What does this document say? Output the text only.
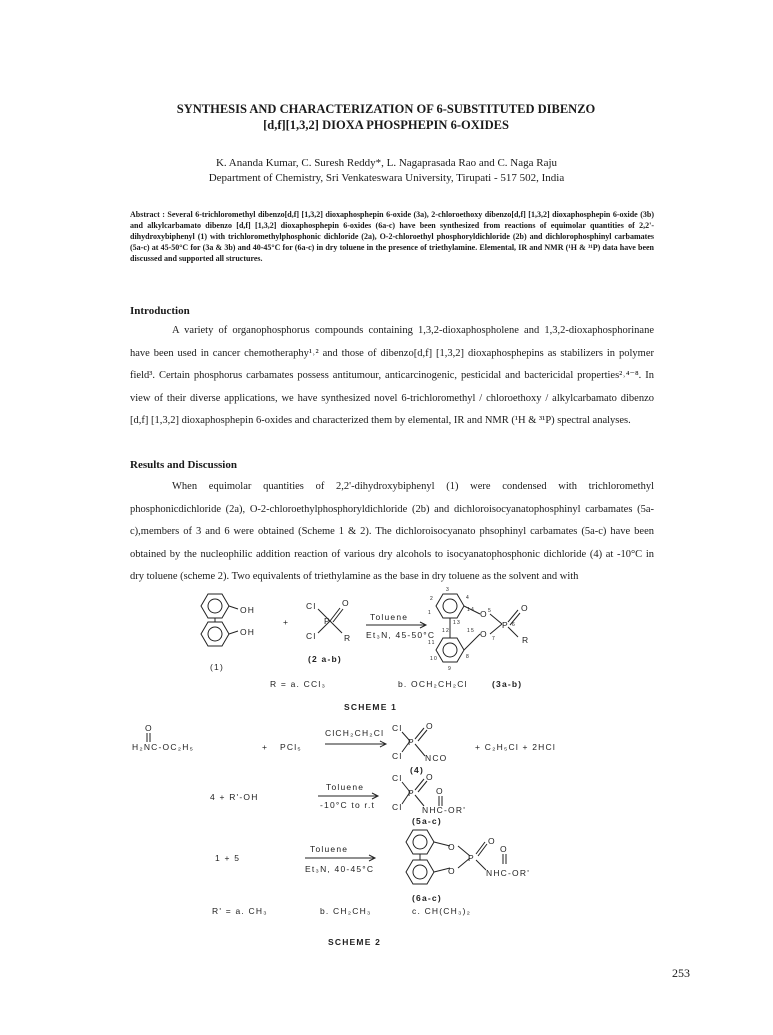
SYNTHESIS AND CHARACTERIZATION OF 6-SUBSTITUTED DIBENZO
[d,f][1,3,2] DIOXA PHOSPHEPIN 6-OXIDES
K. Ananda Kumar, C. Suresh Reddy*, L. Nagaprasada Rao and C. Naga Raju
Department of Chemistry, Sri Venkateswara University, Tirupati - 517 502, India
Abstract : Several 6-trichloromethyl dibenzo[d,f] [1,3,2] dioxaphosphepin 6-oxide (3a), 2-chloroethoxy dibenzo[d,f] [1,3,2] dioxaphosphepin 6-oxide (3b) and alkylcarbamato dibenzo [d,f] [1,3,2] dioxaphosphepin 6-oxides (6a-c) have been synthesized from reactions of equimolar quantities of 2,2'-dihydroxybiphenyl (1) with trichloromethylphosphonic dichloride (2a), O-2-chloroethyl phosphoryldichloride (2b) and dichlorophosphinyl carbamates (5a-c) at 45-50°C for (3a & 3b) and 40-45°C for (6a-c) in dry toluene in the presence of triethylamine. Elemental, IR and NMR (¹H & ³¹P) data have been discussed and supported all structures.
Introduction

A variety of organophosphorus compounds containing 1,3,2-dioxaphospholene and 1,3,2-dioxaphosphorinane have been used in cancer chemotheraphy¹˒² and those of dibenzo[d,f] [1,3,2] dioxaphosphepins as stabilizers in polymer field³. Certain phosphorus carbamates possess antitumour, anticarcinogenic, pesticidal and bactericidal properties²˒⁴⁻⁸. In view of their diverse applications, we have synthesized novel 6-trichloromethyl / chloroethoxy / alkylcarbamato dibenzo [d,f] [1,3,2] dioxaphosphepin 6-oxides and characterized them by elemental, IR and NMR (¹H & ³¹P) spectral analyses.

Results and Discussion

When equimolar quantities of 2,2'-dihydroxybiphenyl (1) were condensed with trichloromethyl phosphonicdichloride (2a), O-2-chloroethylphosphoryldichloride (2b) and dichloroisocyanatophosphinyl carbamates (5a-c),members of 3 and 6 were obtained (Scheme 1 & 2). The dichloroisocyanato phsophinyl carbamates (5a-c) have been obtained by the nucleophilic addition reaction of various dry alcohols to isocyanatophosphonic dichloride (4) at -10°C in dry toluene (scheme 2). Two equivalents of triethylamine as the base in dry toluene as the solvent and with

OH
OH
+
(1)
Cl
Cl
P
O
R
(2 a-b)
Toluene
Et₃N, 45-50°C
O
O
P
O
R
3
2	4
1	14
13
12	15
11
10	8
9
5
6
7
R = a. CCl₃	b. OCH₂CH₂Cl	(3a-b)
SCHEME 1
O
H₂NC-OC₂H₅	+ PCl₅
ClCH₂CH₂Cl Cl
Cl
P
O
NCO
(4)
+ C₂H₅Cl + 2HCl
4 + R'-OH
Toluene
-10°C to r.t
Cl
Cl
P
O
O
NHC-OR'
(5a-c)
1 + 5
Toluene
Et₃N, 40-45°C
O
O
P
O
O
NHC-OR'
(6a-c)
R' = a. CH₃	b. CH₂CH₃	c. CH(CH₃)₂
SCHEME 2
253
